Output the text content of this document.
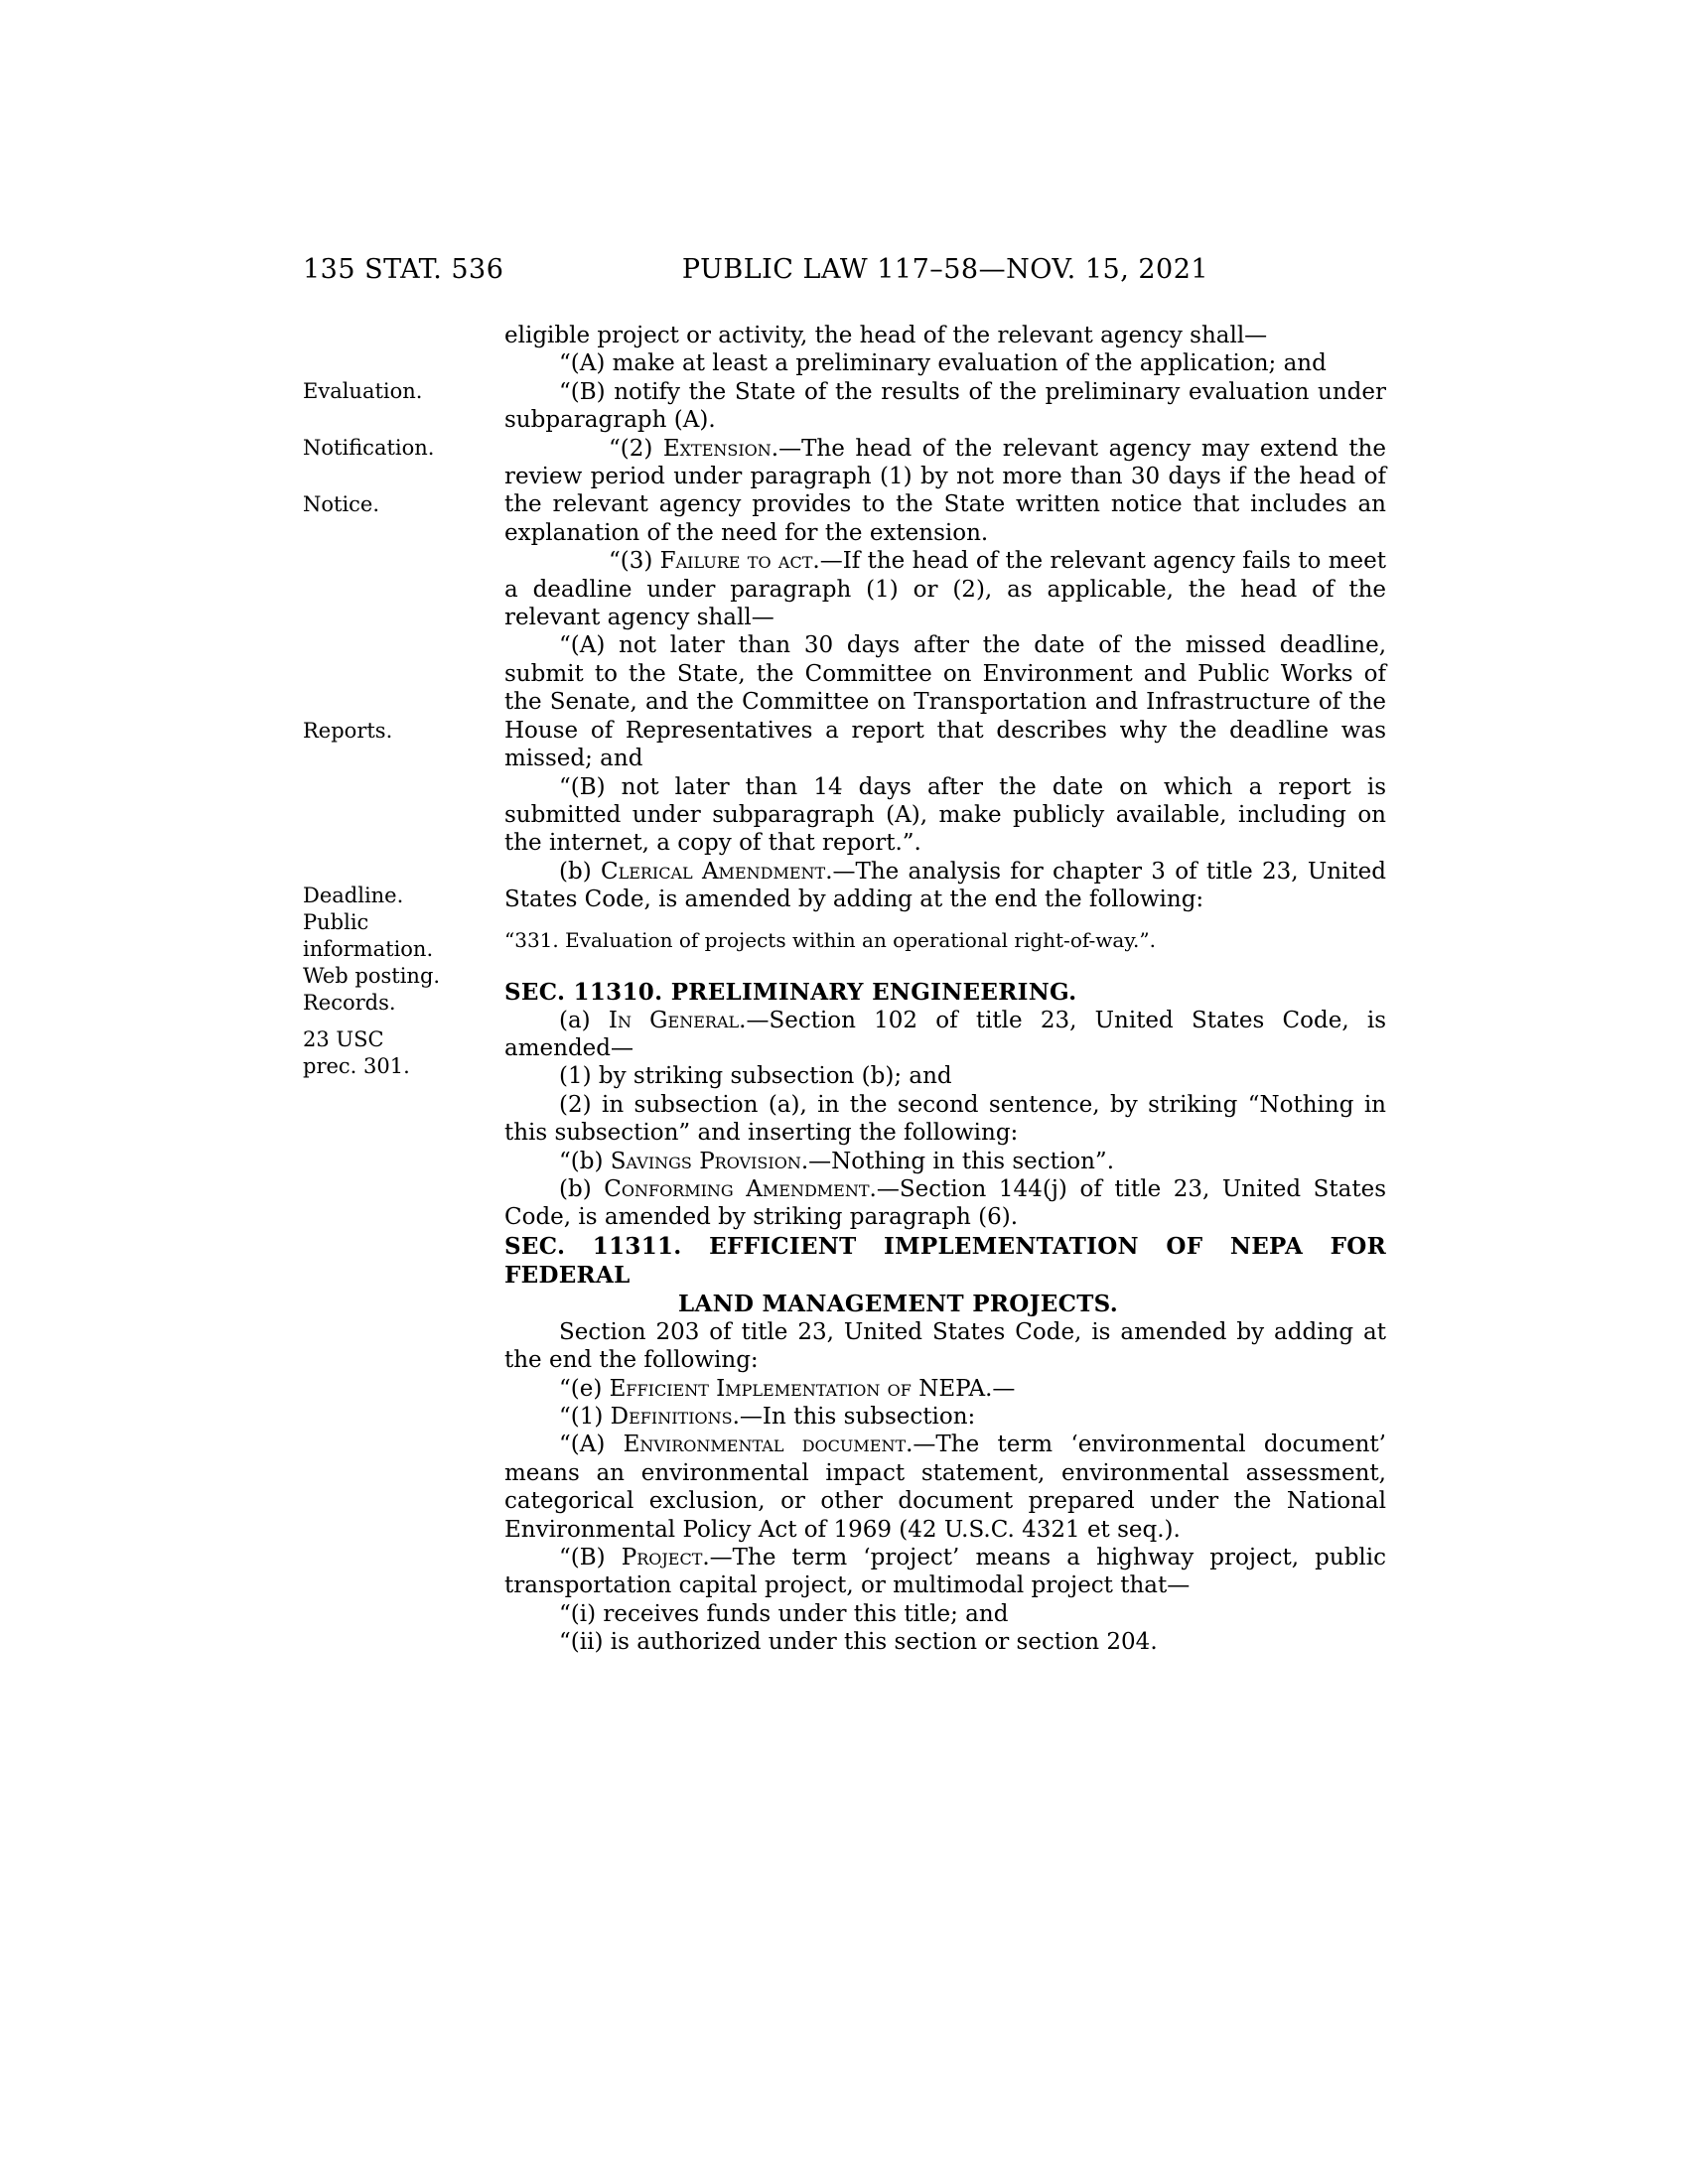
135 STAT. 536	PUBLIC LAW 117–58—NOV. 15, 2021
Evaluation.
Notification.
Notice.
Reports.
Deadline.
Public
information.
Web posting.
Records.
23 USC
prec. 301.

eligible project or activity, the head of the relevant agency shall—

“(A) make at least a preliminary evaluation of the application; and

“(B) notify the State of the results of the preliminary evaluation under subparagraph (A).

“(2) Extension.—The head of the relevant agency may extend the review period under paragraph (1) by not more than 30 days if the head of the relevant agency provides to the State written notice that includes an explanation of the need for the extension.

“(3) Failure to act.—If the head of the relevant agency fails to meet a deadline under paragraph (1) or (2), as applicable, the head of the relevant agency shall—

“(A) not later than 30 days after the date of the missed deadline, submit to the State, the Committee on Environment and Public Works of the Senate, and the Committee on Transportation and Infrastructure of the House of Representatives a report that describes why the deadline was missed; and

“(B) not later than 14 days after the date on which a report is submitted under subparagraph (A), make publicly available, including on the internet, a copy of that report.”.

(b) Clerical Amendment.—The analysis for chapter 3 of title 23, United States Code, is amended by adding at the end the following:

“331. Evaluation of projects within an operational right-of-way.”.

SEC. 11310. PRELIMINARY ENGINEERING.

(a) In General.—Section 102 of title 23, United States Code, is amended—

(1) by striking subsection (b); and

(2) in subsection (a), in the second sentence, by striking “Nothing in this subsection” and inserting the following:

“(b) Savings Provision.—Nothing in this section”.

(b) Conforming Amendment.—Section 144(j) of title 23, United States Code, is amended by striking paragraph (6).

SEC. 11311. EFFICIENT IMPLEMENTATION OF NEPA FOR FEDERAL
LAND MANAGEMENT PROJECTS.

Section 203 of title 23, United States Code, is amended by adding at the end the following:

“(e) Efficient Implementation of NEPA.—

“(1) Definitions.—In this subsection:

“(A) Environmental document.—The term ‘environmental document’ means an environmental impact statement, environmental assessment, categorical exclusion, or other document prepared under the National Environmental Policy Act of 1969 (42 U.S.C. 4321 et seq.).

“(B) Project.—The term ‘project’ means a highway project, public transportation capital project, or multimodal project that—

“(i) receives funds under this title; and

“(ii) is authorized under this section or section 204.
